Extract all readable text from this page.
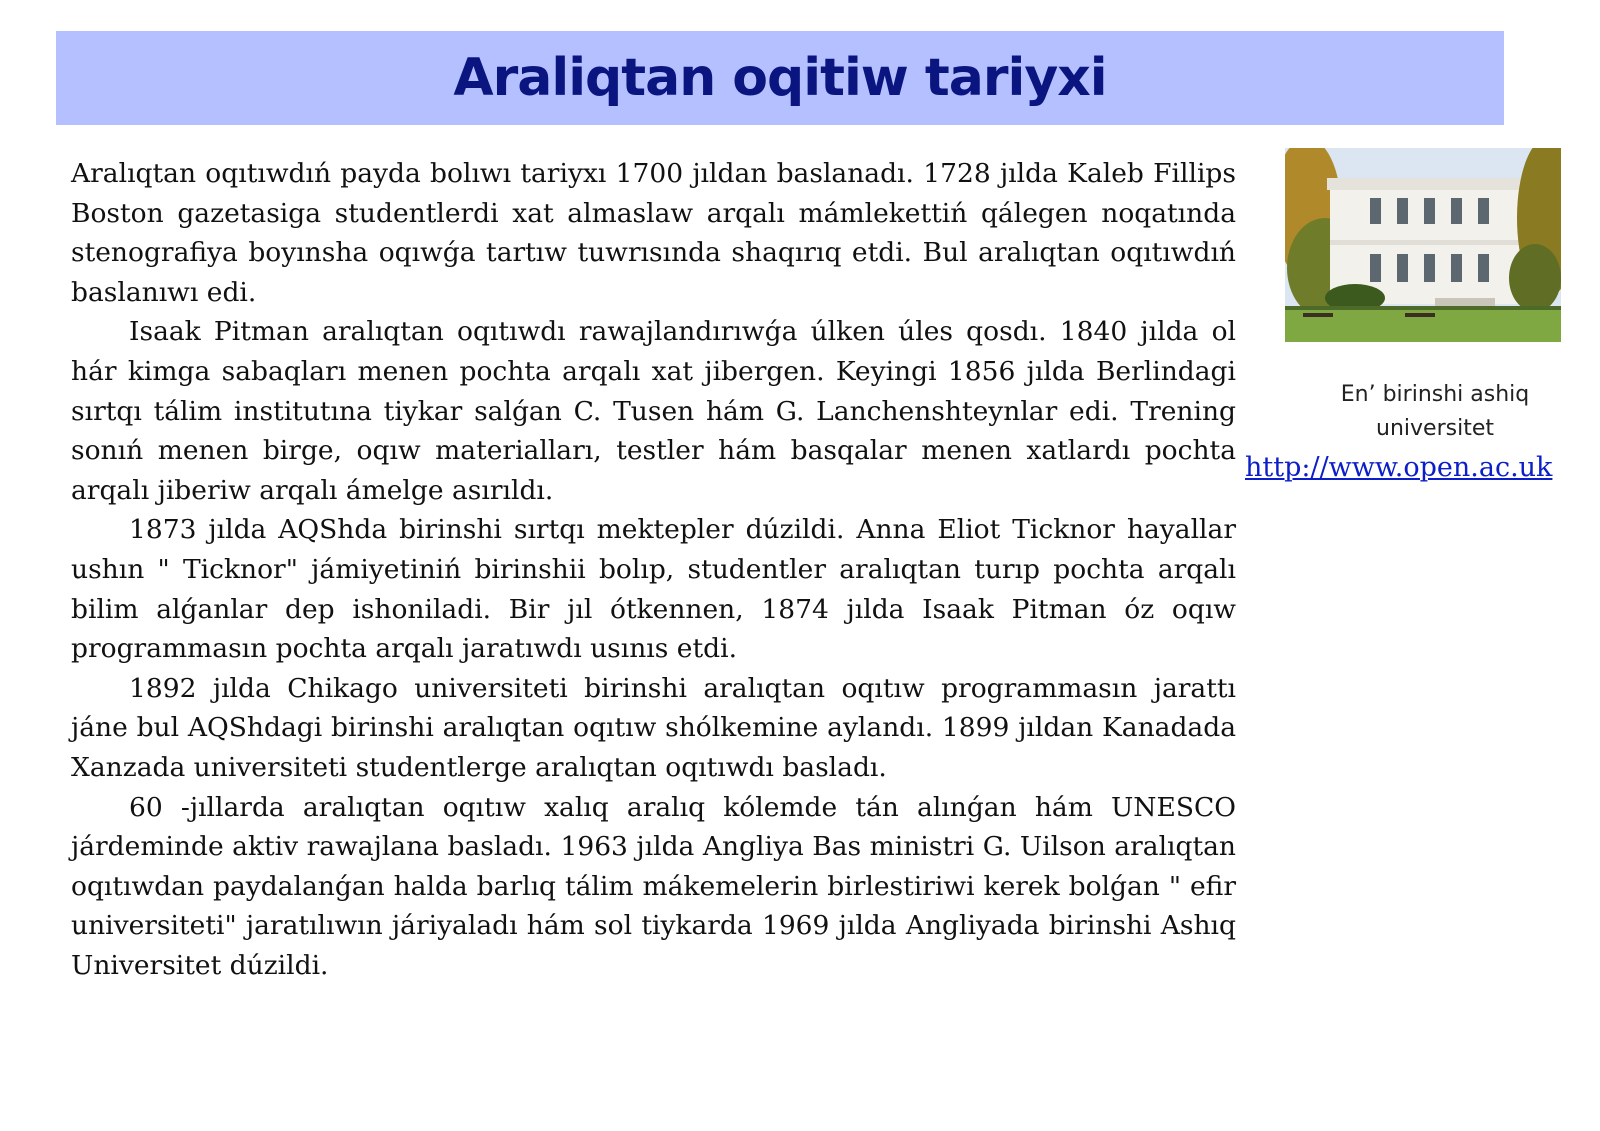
Araliqtan oqitiw tariyxi

Aralıqtan oqıtıwdıń payda bolıwı tariyxı 1700 jıldan baslanadı. 1728 jılda Kaleb Fillips Boston gazetasiga studentlerdi xat almaslaw arqalı mámlekettiń qálegen noqatında stenografiya boyınsha oqıwǵa tartıw tuwrısında shaqırıq etdi. Bul aralıqtan oqıtıwdıń baslanıwı edi.

Isaak Pitman aralıqtan oqıtıwdı rawajlandırıwǵa úlken úles qosdı. 1840 jılda ol hár kimga sabaqları menen pochta arqalı xat jibergen. Keyingi 1856 jılda Berlindagi sırtqı tálim institutına tiykar salǵan C. Tusen hám G. Lanchenshteynlar edi. Trening sonıń menen birge, oqıw materialları, testler hám basqalar menen xatlardı pochta arqalı jiberiw arqalı ámelge asırıldı.

1873 jılda AQShda birinshi sırtqı mektepler dúzildi. Anna Eliot Ticknor hayallar ushın " Ticknor" jámiyetiniń birinshii bolıp, studentler aralıqtan turıp pochta arqalı bilim alǵanlar dep ishoniladi. Bir jıl ótkennen, 1874 jılda Isaak Pitman óz oqıw programmasın pochta arqalı jaratıwdı usınıs etdi.

1892 jılda Chikago universiteti birinshi aralıqtan oqıtıw programmasın jarattı jáne bul AQShdagi birinshi aralıqtan oqıtıw shólkemine aylandı. 1899 jıldan Kanadada Xanzada universiteti studentlerge aralıqtan oqıtıwdı basladı.

60 -jıllarda aralıqtan oqıtıw xalıq aralıq kólemde tán alınǵan hám UNESCO járdeminde aktiv rawajlana basladı. 1963 jılda Angliya Bas ministri G. Uilson aralıqtan oqıtıwdan paydalanǵan halda barlıq tálim mákemelerin birlestiriwi kerek bolǵan " efir universiteti" jaratılıwın járiyaladı hám sol tiykarda 1969 jılda Angliyada birinshi Ashıq Universitet dúzildi.

En’ birinshi ashiq
universitet
http://www.open.ac.uk
